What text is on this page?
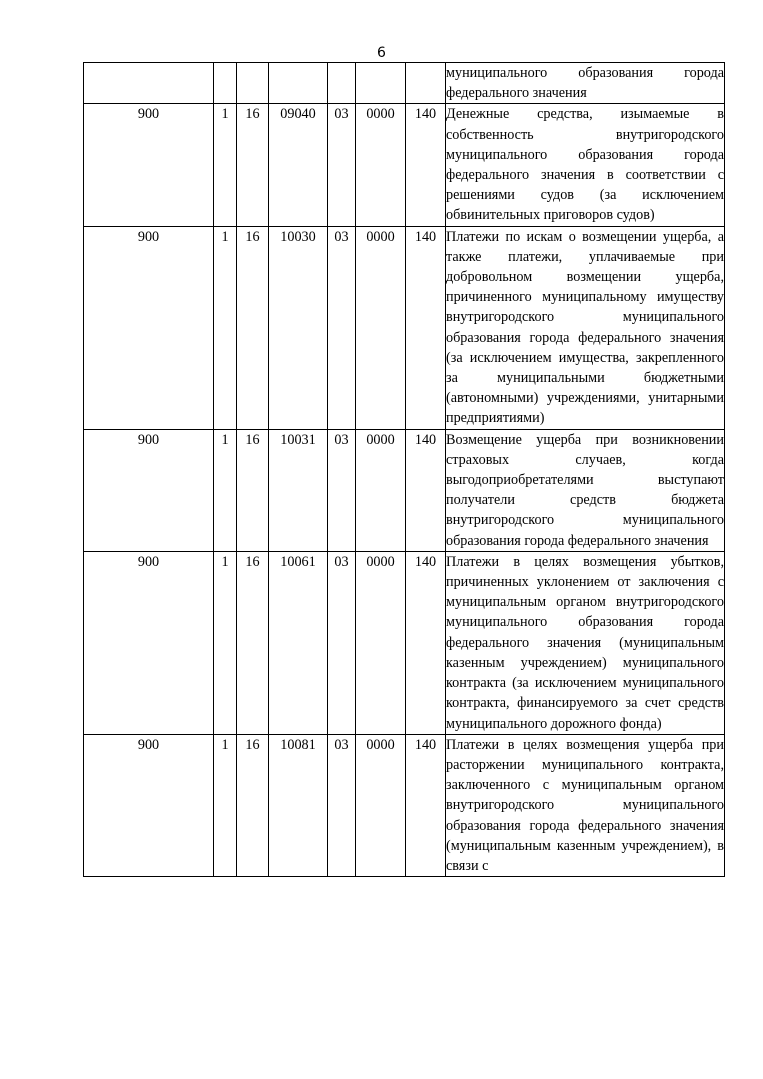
6

							муниципального образования города федерального значения

900	1	16	09040	03	0000	140	Денежные средства, изымаемые в собственность внутригородского муниципального образования города федерального значения в соответствии с решениями судов (за исключением обвинительных приговоров судов)

900	1	16	10030	03	0000	140	Платежи по искам о возмещении ущерба, а также платежи, уплачиваемые при добровольном возмещении ущерба, причиненного муниципальному имуществу внутригородского муниципального образования города федерального значения (за исключением имущества, закрепленного за муниципальными бюджетными (автономными) учреждениями, унитарными предприятиями)

900	1	16	10031	03	0000	140	Возмещение ущерба при возникновении страховых случаев, когда выгодоприобретателями выступают получатели средств бюджета внутригородского муниципального образования города федерального значения

900	1	16	10061	03	0000	140	Платежи в целях возмещения убытков, причиненных уклонением от заключения с муниципальным органом внутригородского муниципального образования города федерального значения (муниципальным казенным учреждением) муниципального контракта (за исключением муниципального контракта, финансируемого за счет средств муниципального дорожного фонда)

900	1	16	10081	03	0000	140	Платежи в целях возмещения ущерба при расторжении муниципального контракта, заключенного с муниципальным органом внутригородского муниципального образования города федерального значения (муниципальным казенным учреждением), в связи с
